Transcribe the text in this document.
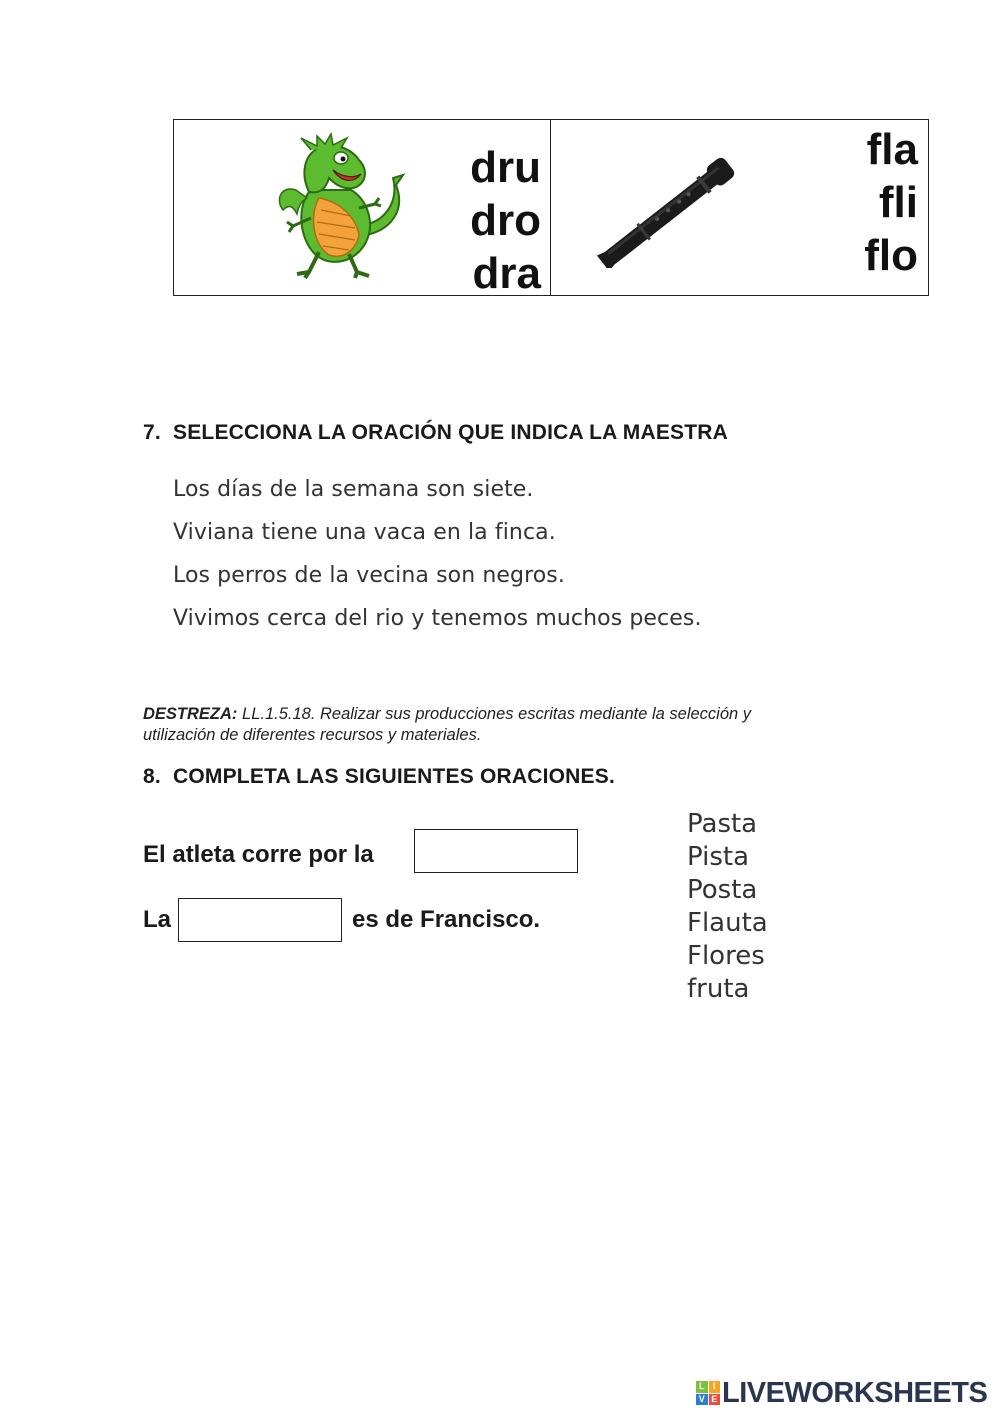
dru
dro
dra
fla
fli
flo
7. SELECCIONA LA ORACIÓN QUE INDICA LA MAESTRA
Los días de la semana son siete.
Viviana tiene una vaca en la finca.
Los perros de la vecina son negros.
Vivimos cerca del rio y tenemos muchos peces.
DESTREZA: LL.1.5.18. Realizar sus producciones escritas mediante la selección y
utilización de diferentes recursos y materiales.
8. COMPLETA LAS SIGUIENTES ORACIONES.
El atleta corre por la
La	es de Francisco.
Pasta
Pista
Posta
Flauta
Flores
fruta
L I
V E LIVEWORKSHEETS
